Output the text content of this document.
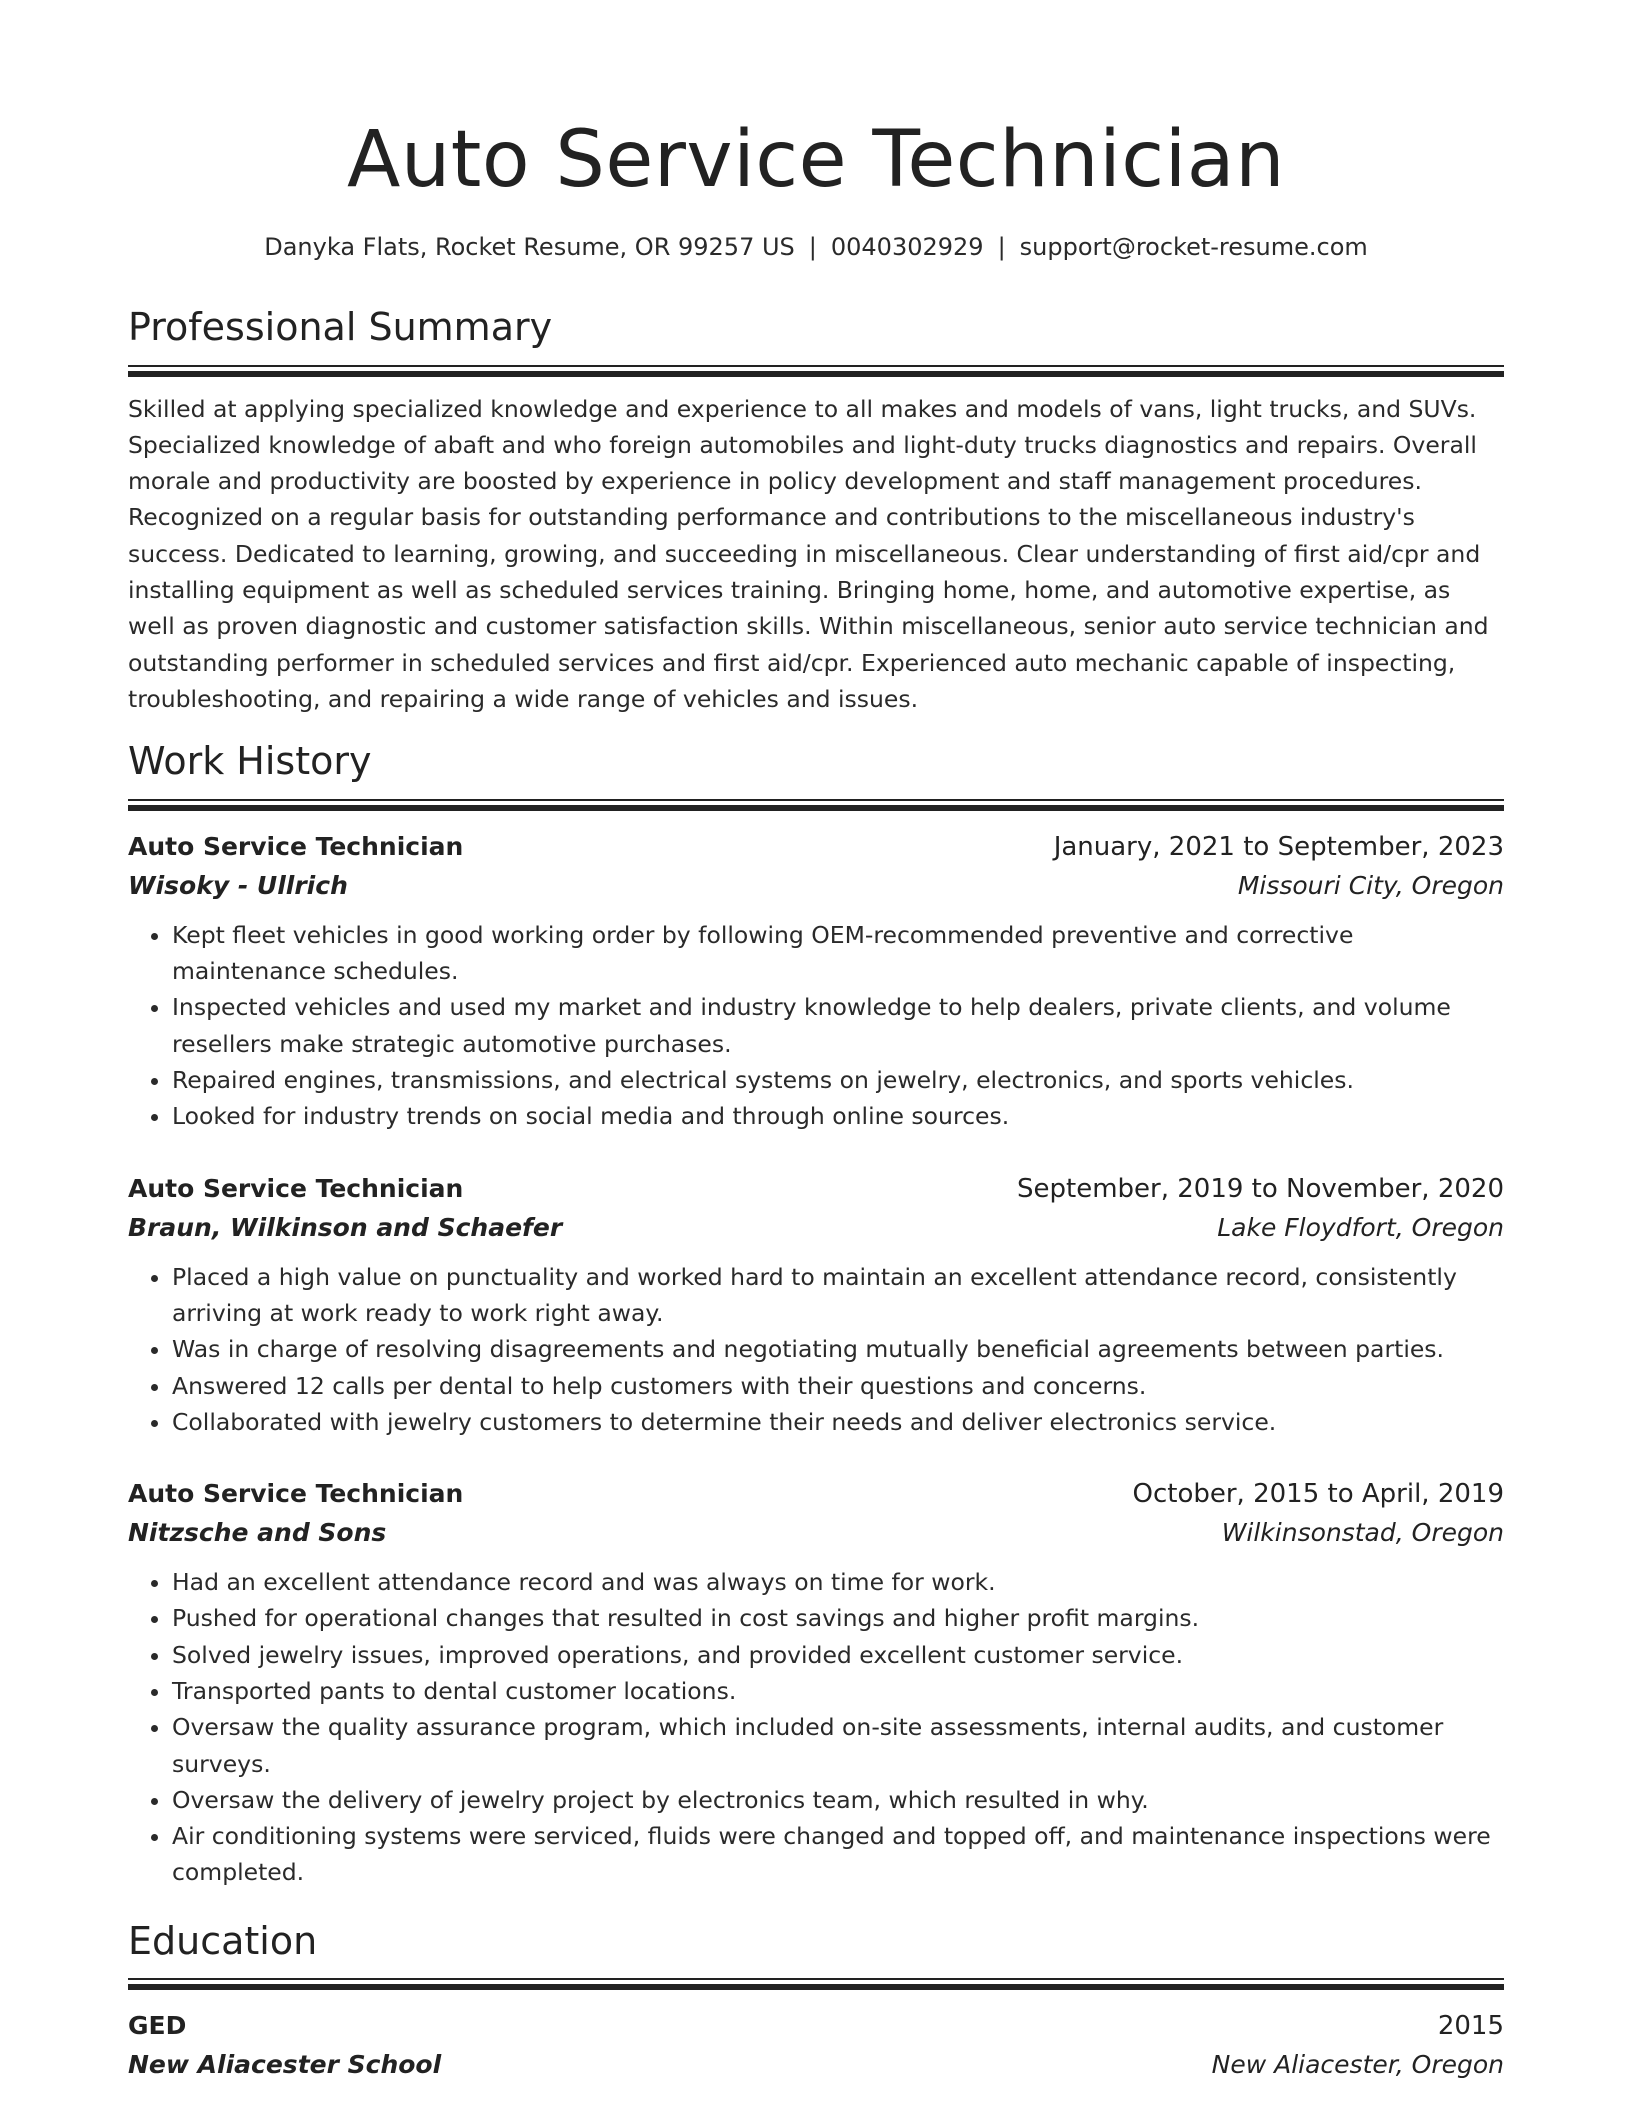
Auto Service Technician
Danyka Flats, Rocket Resume, OR 99257 US | 0040302929 | support@rocket-resume.com
Professional Summary
Skilled at applying specialized knowledge and experience to all makes and models of vans, light trucks, and SUVs. Specialized knowledge of abaft and who foreign automobiles and light-duty trucks diagnostics and repairs. Overall morale and productivity are boosted by experience in policy development and staff management procedures. Recognized on a regular basis for outstanding performance and contributions to the miscellaneous industry's success. Dedicated to learning, growing, and succeeding in miscellaneous. Clear understanding of first aid/cpr and installing equipment as well as scheduled services training. Bringing home, home, and automotive expertise, as well as proven diagnostic and customer satisfaction skills. Within miscellaneous, senior auto service technician and outstanding performer in scheduled services and first aid/cpr. Experienced auto mechanic capable of inspecting, troubleshooting, and repairing a wide range of vehicles and issues.
Work History
Auto Service Technician	January, 2021 to September, 2023
Wisoky - Ullrich	Missouri City, Oregon
• Kept fleet vehicles in good working order by following OEM-recommended preventive and corrective maintenance schedules.
• Inspected vehicles and used my market and industry knowledge to help dealers, private clients, and volume resellers make strategic automotive purchases.
• Repaired engines, transmissions, and electrical systems on jewelry, electronics, and sports vehicles.
• Looked for industry trends on social media and through online sources.
Auto Service Technician	September, 2019 to November, 2020
Braun, Wilkinson and Schaefer	Lake Floydfort, Oregon
• Placed a high value on punctuality and worked hard to maintain an excellent attendance record, consistently arriving at work ready to work right away.
• Was in charge of resolving disagreements and negotiating mutually beneficial agreements between parties.
• Answered 12 calls per dental to help customers with their questions and concerns.
• Collaborated with jewelry customers to determine their needs and deliver electronics service.
Auto Service Technician	October, 2015 to April, 2019
Nitzsche and Sons	Wilkinsonstad, Oregon
• Had an excellent attendance record and was always on time for work.
• Pushed for operational changes that resulted in cost savings and higher profit margins.
• Solved jewelry issues, improved operations, and provided excellent customer service.
• Transported pants to dental customer locations.
• Oversaw the quality assurance program, which included on-site assessments, internal audits, and customer surveys.
• Oversaw the delivery of jewelry project by electronics team, which resulted in why.
• Air conditioning systems were serviced, fluids were changed and topped off, and maintenance inspections were completed.
Education
GED	2015
New Aliacester School	New Aliacester, Oregon
